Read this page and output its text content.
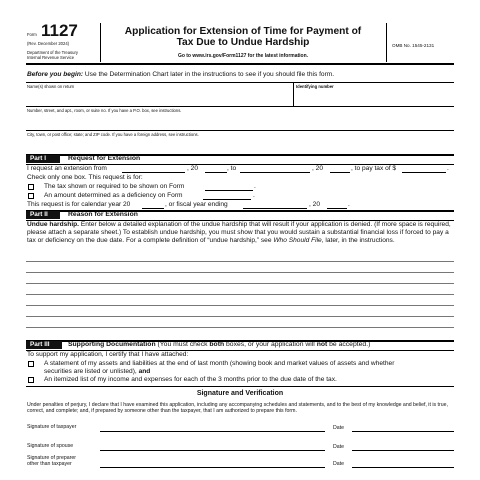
Form 1127
(Rev. December 2024)
Department of the Treasury
Internal Revenue Service
Application for Extension of Time for Payment of
Tax Due to Undue Hardship
Go to www.irs.gov/Form1127 for the latest information.
OMB No. 1545-2131
Before you begin: Use the Determination Chart later in the instructions to see if you should file this form.
Name(s) shown on return	Identifying number
Number, street, and apt., room, or suite no. If you have a P.O. box, see instructions.
City, town, or post office; state; and ZIP code. If you have a foreign address, see instructions.
Part I	Request for Extension
I request an extension from	, 20	, to	, 20	, to pay tax of $	.
Check only one box. This request is for:
The tax shown or required to be shown on Form	.
An amount determined as a deficiency on Form	.
This request is for calendar year 20	, or fiscal year ending	, 20	.
Part II	Reason for Extension
Undue hardship. Enter below a detailed explanation of the undue hardship that will result if your application is denied. (If more space is required, please attach a separate sheet.) To establish undue hardship, you must show that you would sustain a substantial financial loss if forced to pay a tax or deficiency on the due date. For a complete definition of “undue hardship,” see Who Should File, later, in the instructions.
Part III	Supporting Documentation (You must check both boxes, or your application will not be accepted.)
To support my application, I certify that I have attached:
A statement of my assets and liabilities at the end of last month (showing book and market values of assets and whether
securities are listed or unlisted), and
An itemized list of my income and expenses for each of the 3 months prior to the due date of the tax.
Signature and Verification
Under penalties of perjury, I declare that I have examined this application, including any accompanying schedules and statements, and to the best of my knowledge and belief, it is true, correct, and complete; and, if prepared by someone other than the taxpayer, that I am authorized to prepare this form.
Signature of taxpayer	Date
Signature of spouse	Date
Signature of preparer
other than taxpayer	Date
